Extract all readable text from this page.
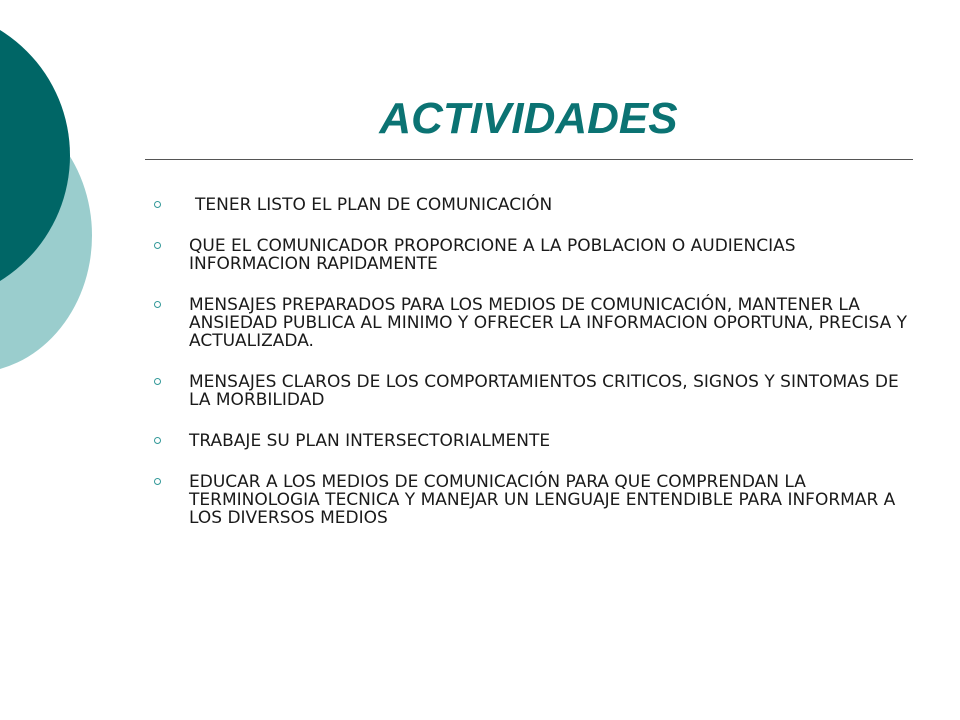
ACTIVIDADES
TENER LISTO EL PLAN DE COMUNICACIÓN
QUE EL COMUNICADOR PROPORCIONE A LA POBLACION O AUDIENCIAS INFORMACION RAPIDAMENTE
MENSAJES PREPARADOS PARA LOS MEDIOS DE COMUNICACIÓN, MANTENER LA ANSIEDAD PUBLICA AL MINIMO Y OFRECER LA INFORMACION OPORTUNA, PRECISA Y ACTUALIZADA.
MENSAJES CLAROS DE LOS COMPORTAMIENTOS CRITICOS, SIGNOS Y SINTOMAS DE LA MORBILIDAD
TRABAJE SU PLAN INTERSECTORIALMENTE
EDUCAR A LOS MEDIOS DE COMUNICACIÓN PARA QUE COMPRENDAN LA TERMINOLOGIA TECNICA Y MANEJAR UN LENGUAJE ENTENDIBLE PARA INFORMAR A LOS DIVERSOS MEDIOS
